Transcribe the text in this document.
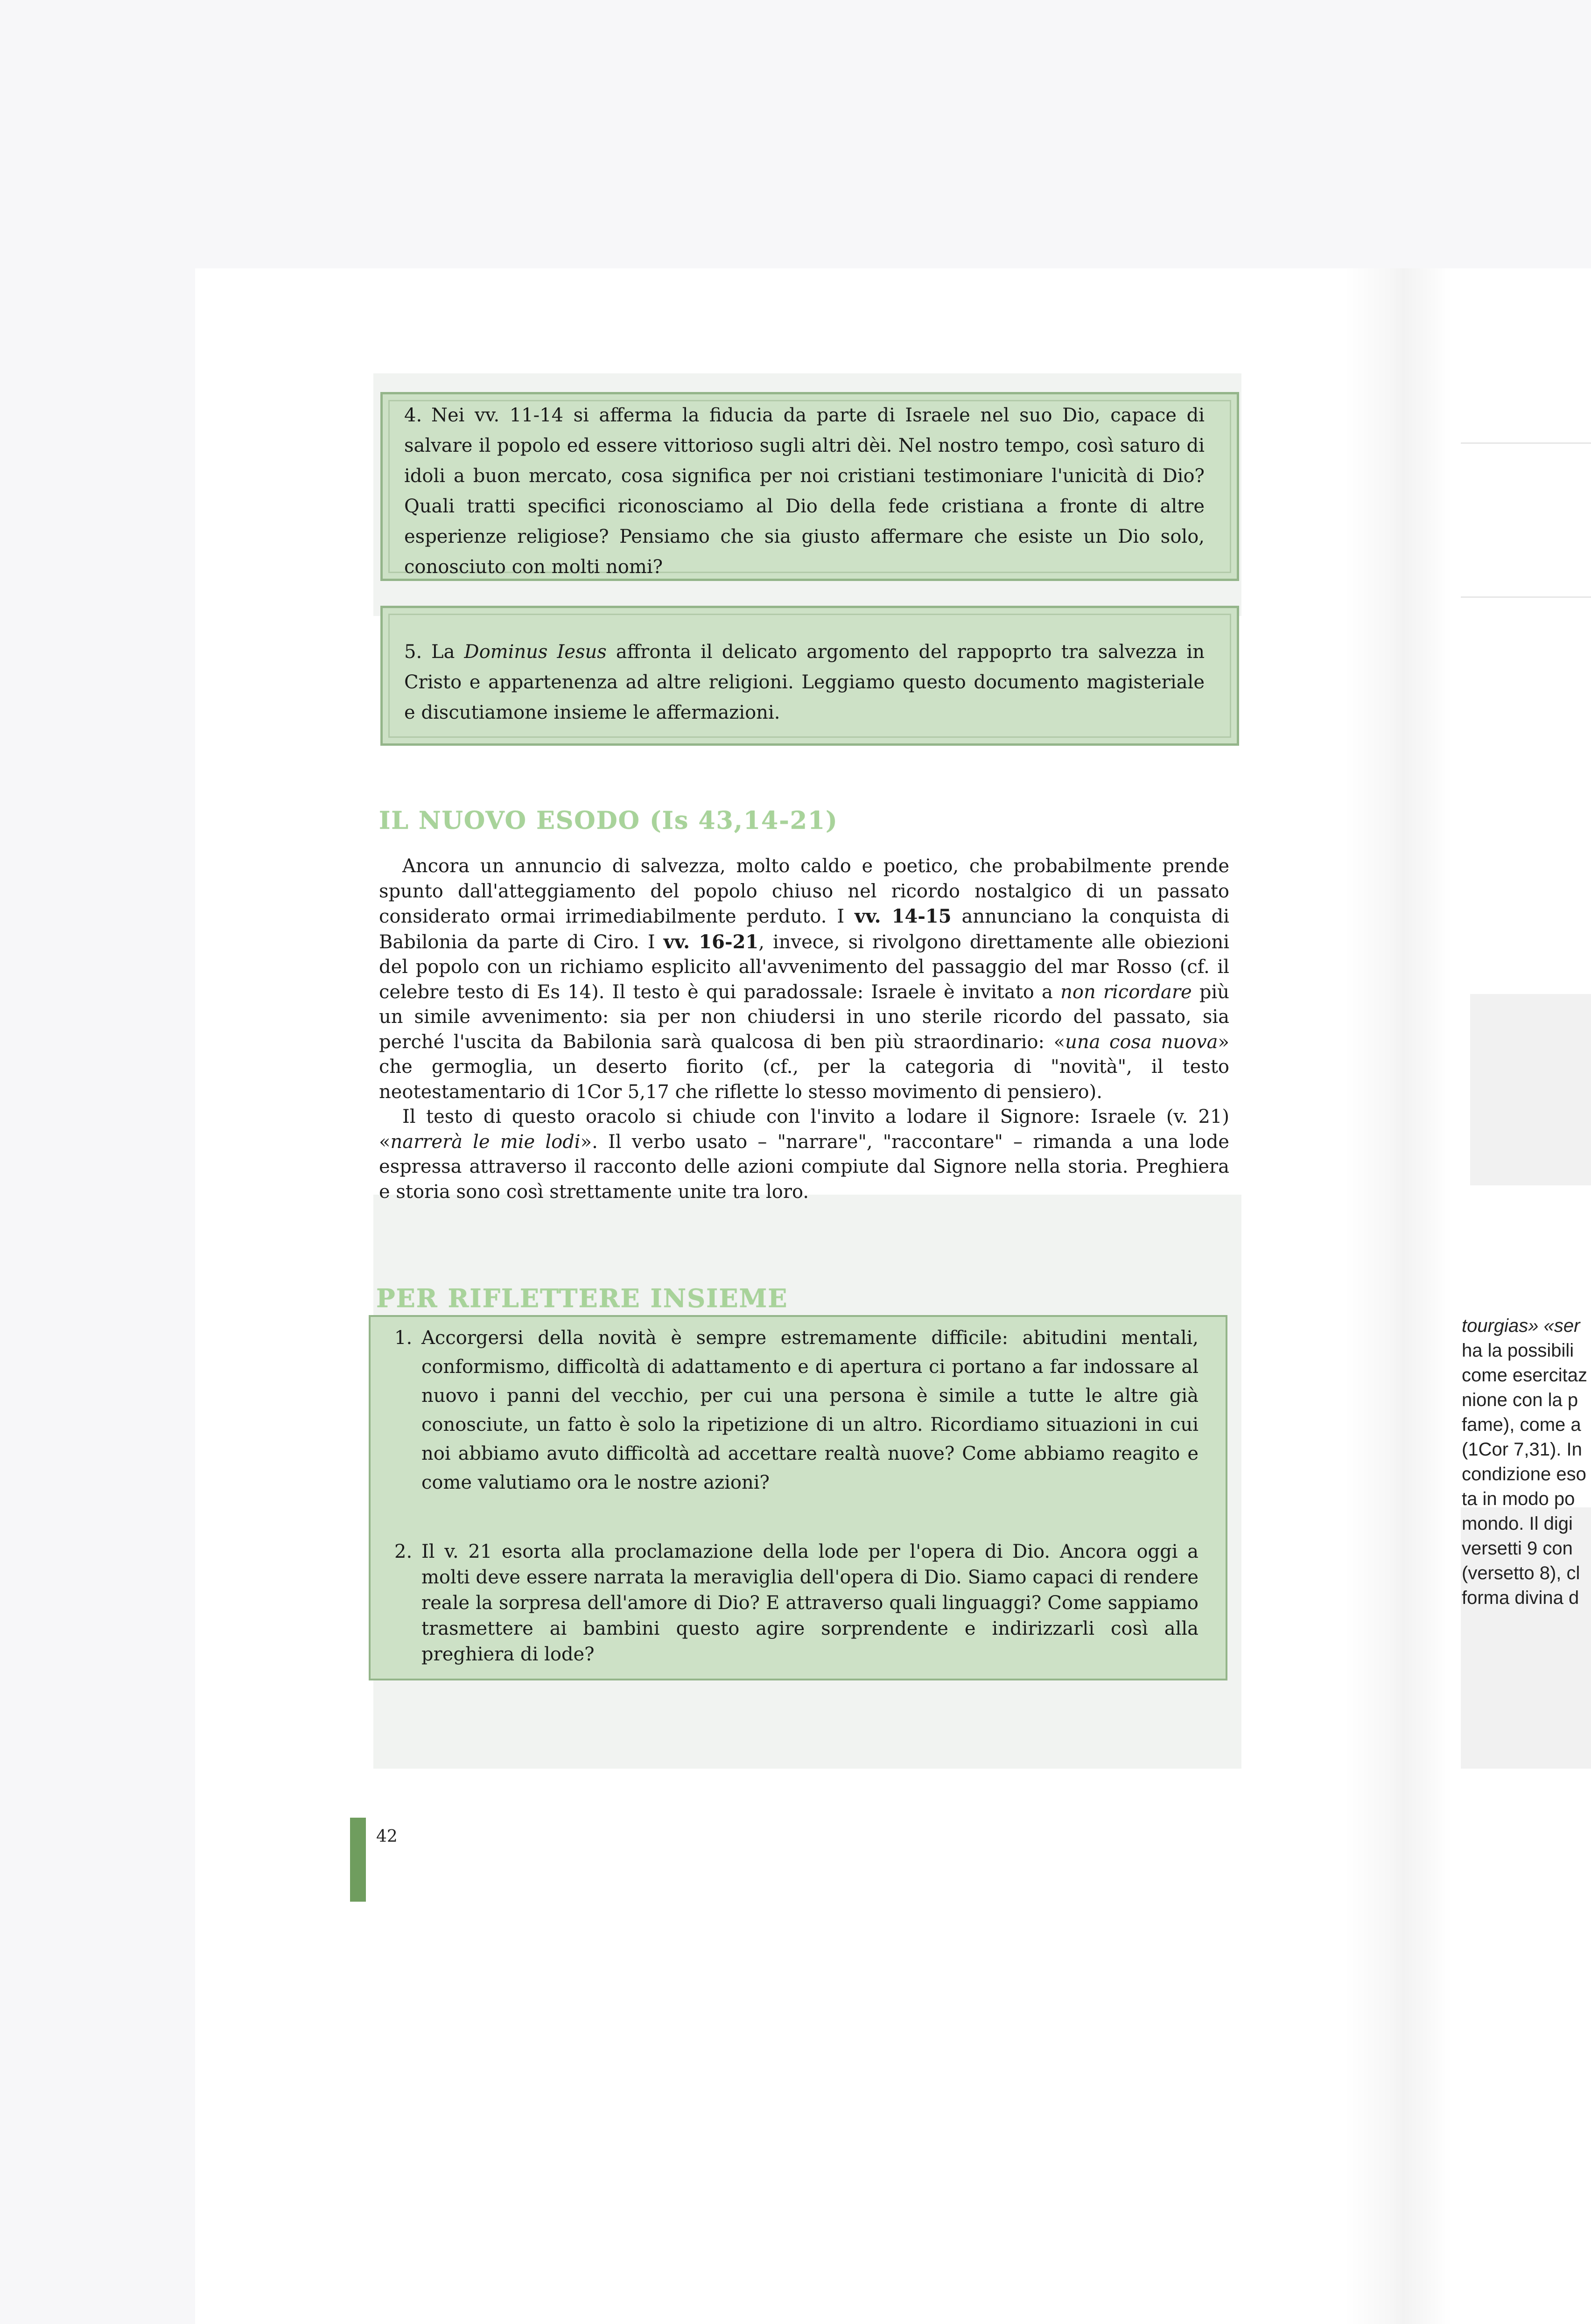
4. Nei vv. 11-14 si afferma la fiducia da parte di Israele nel suo Dio, capace di salvare il popolo ed essere vittorioso sugli altri dèi. Nel nostro tempo, così saturo di idoli a buon mercato, cosa significa per noi cristiani testimoniare l'unicità di Dio? Quali tratti specifici riconosciamo al Dio della fede cristiana a fronte di altre esperienze religiose? Pensiamo che sia giusto affermare che esiste un Dio solo, conosciuto con molti nomi?
5. La Dominus Iesus affronta il delicato argomento del rappoprto tra salvezza in Cristo e appartenenza ad altre religioni. Leggiamo questo documento magisteriale e discutiamone insieme le affermazioni.
IL NUOVO ESODO (Is 43,14-21)

Ancora un annuncio di salvezza, molto caldo e poetico, che probabilmente prende spunto dall'atteggiamento del popolo chiuso nel ricordo nostalgico di un passato considerato ormai irrimediabilmente perduto. I vv. 14-15 annunciano la conquista di Babilonia da parte di Ciro. I vv. 16-21, invece, si rivolgono direttamente alle obiezioni del popolo con un richiamo esplicito all'avvenimento del passaggio del mar Rosso (cf. il celebre testo di Es 14). Il testo è qui paradossale: Israele è invitato a non ricordare più un simile avvenimento: sia per non chiudersi in uno sterile ricordo del passato, sia perché l'uscita da Babilonia sarà qualcosa di ben più straordinario: «una cosa nuova» che germoglia, un deserto fiorito (cf., per la categoria di "novità", il testo neotestamentario di 1Cor 5,17 che riflette lo stesso movimento di pensiero).

Il testo di questo oracolo si chiude con l'invito a lodare il Signore: Israele (v. 21) «narrerà le mie lodi». Il verbo usato – "narrare", "raccontare" – rimanda a una lode espressa attraverso il racconto delle azioni compiute dal Signore nella storia. Preghiera e storia sono così strettamente unite tra loro.

PER RIFLETTERE INSIEME
1. Accorgersi della novità è sempre estremamente difficile: abitudini mentali, conformismo, difficoltà di adattamento e di apertura ci portano a far indossare al nuovo i panni del vecchio, per cui una persona è simile a tutte le altre già conosciute, un fatto è solo la ripetizione di un altro. Ricordiamo situazioni in cui noi abbiamo avuto difficoltà ad accettare realtà nuove? Come abbiamo reagito e come valutiamo ora le nostre azioni?
2. Il v. 21 esorta alla proclamazione della lode per l'opera di Dio. Ancora oggi a molti deve essere narrata la meraviglia dell'opera di Dio. Siamo capaci di rendere reale la sorpresa dell'amore di Dio? E attraverso quali linguaggi? Come sappiamo trasmettere ai bambini questo agire sorprendente e indirizzarli così alla preghiera di lode?
42
tourgias» «ser
ha la possibili
come esercitaz
nione con la p
fame), come a
(1Cor 7,31). In
condizione eso
ta in modo po
mondo. Il digi
versetti 9 con
(versetto 8), cl
forma divina d
